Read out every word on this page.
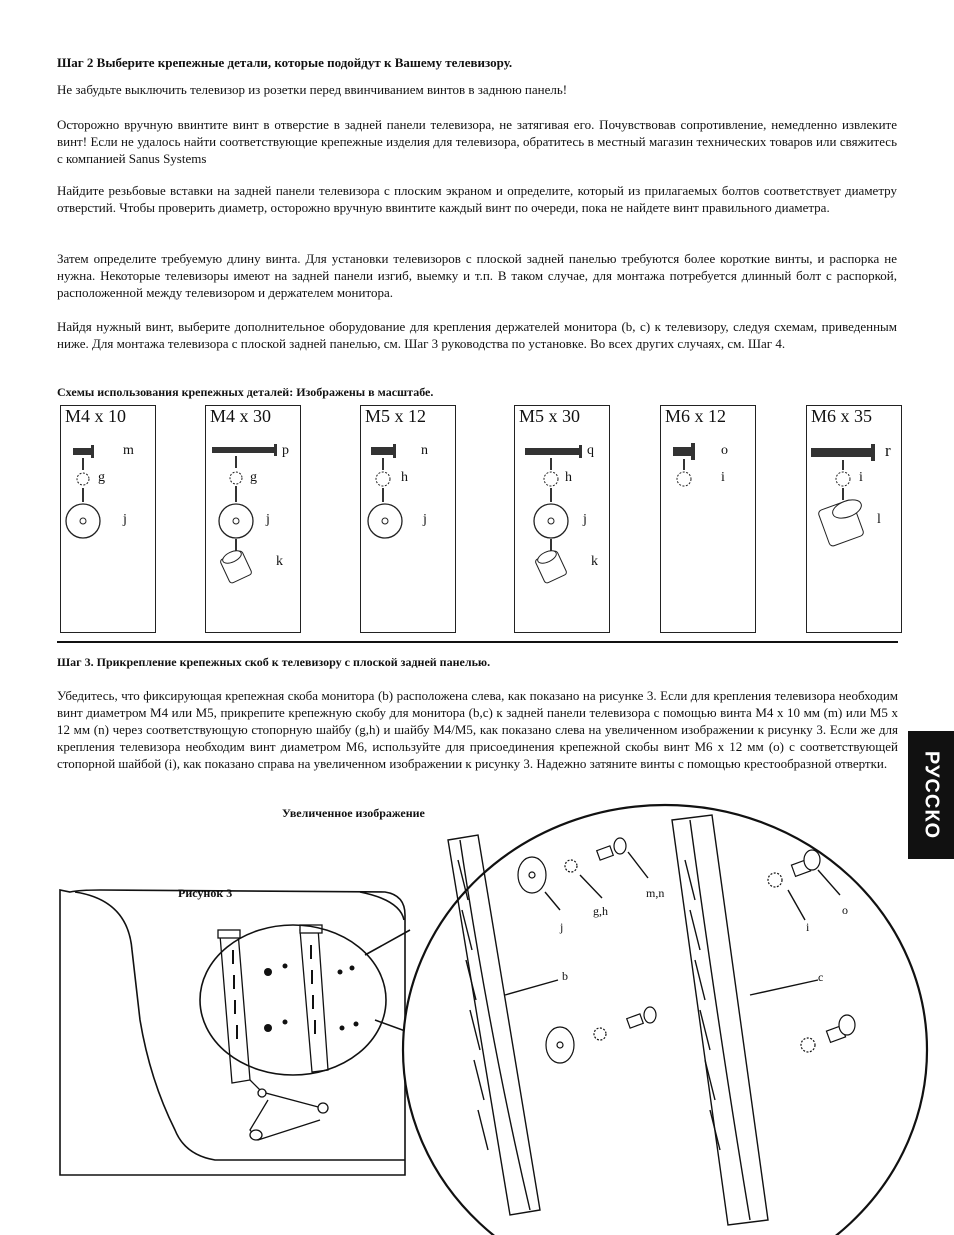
Шаг 2 Выберите крепежные детали, которые подойдут к Вашему телевизору.
Не забудьте выключить телевизор из розетки перед ввинчиванием винтов в заднюю панель!
Осторожно вручную ввинтите винт в отверстие в задней панели телевизора, не затягивая его. Почувствовав сопротивление, немедленно извлеките винт! Если не удалось найти соответствующие крепежные изделия для телевизора, обратитесь в местный магазин технических товаров или свяжитесь с компанией Sanus Systems
Найдите резьбовые вставки на задней панели телевизора с плоским экраном и определите, который из прилагаемых болтов соответствует диаметру отверстий. Чтобы проверить диаметр, осторожно вручную ввинтите каждый винт по очереди, пока не найдете винт правильного диаметра.
Затем определите требуемую длину винта. Для установки телевизоров с плоской задней панелью требуются более короткие винты, и распорка не нужна. Некоторые телевизоры имеют на задней панели изгиб, выемку и т.п. В таком случае, для монтажа потребуется длинный болт с распоркой, расположенной между телевизором и держателем монитора.
Найдя нужный винт, выберите дополнительное оборудование для крепления держателей монитора (b, c) к телевизору, следуя схемам, приведенным ниже. Для монтажа телевизора с плоской задней панелью, см. Шаг 3 руководства по установке. Во всех других случаях, см. Шаг 4.
Схемы использования крепежных деталей: Изображены в масштабе.
M4 x 10
m
g
j
M4 x 30
p
g
j
k
M5 x 12
n
h
j
M5 x 30
q
h
j
k
M6 x 12
o
i
M6 x 35
r
i
l
Шаг 3. Прикрепление крепежных скоб к телевизору с плоской задней панелью.
Убедитесь, что фиксирующая крепежная скоба монитора (b) расположена слева, как показано на рисунке 3. Если для крепления телевизора необходим винт диаметром M4 или M5, прикрепите крепежную скобу для монитора (b,c) к задней панели телевизора с помощью винта M4 x 10 мм (m) или M5 x 12 мм (n) через соответствующую стопорную шайбу (g,h) и шайбу M4/M5, как показано слева на увеличенном изображении к рисунку 3. Если же для крепления телевизора необходим винт диаметром M6, используйте для присоединения крепежной скобы винт M6 x 12 мм (o) с соответствующей стопорной шайбой (i), как показано справа на увеличенном изображении к рисунку 3. Надежно затяните винты с помощью крестообразной отвертки.	РУССКО
Увеличенное изображение
Рисунок 3
j
g,h
m,n
b	c
i
o
